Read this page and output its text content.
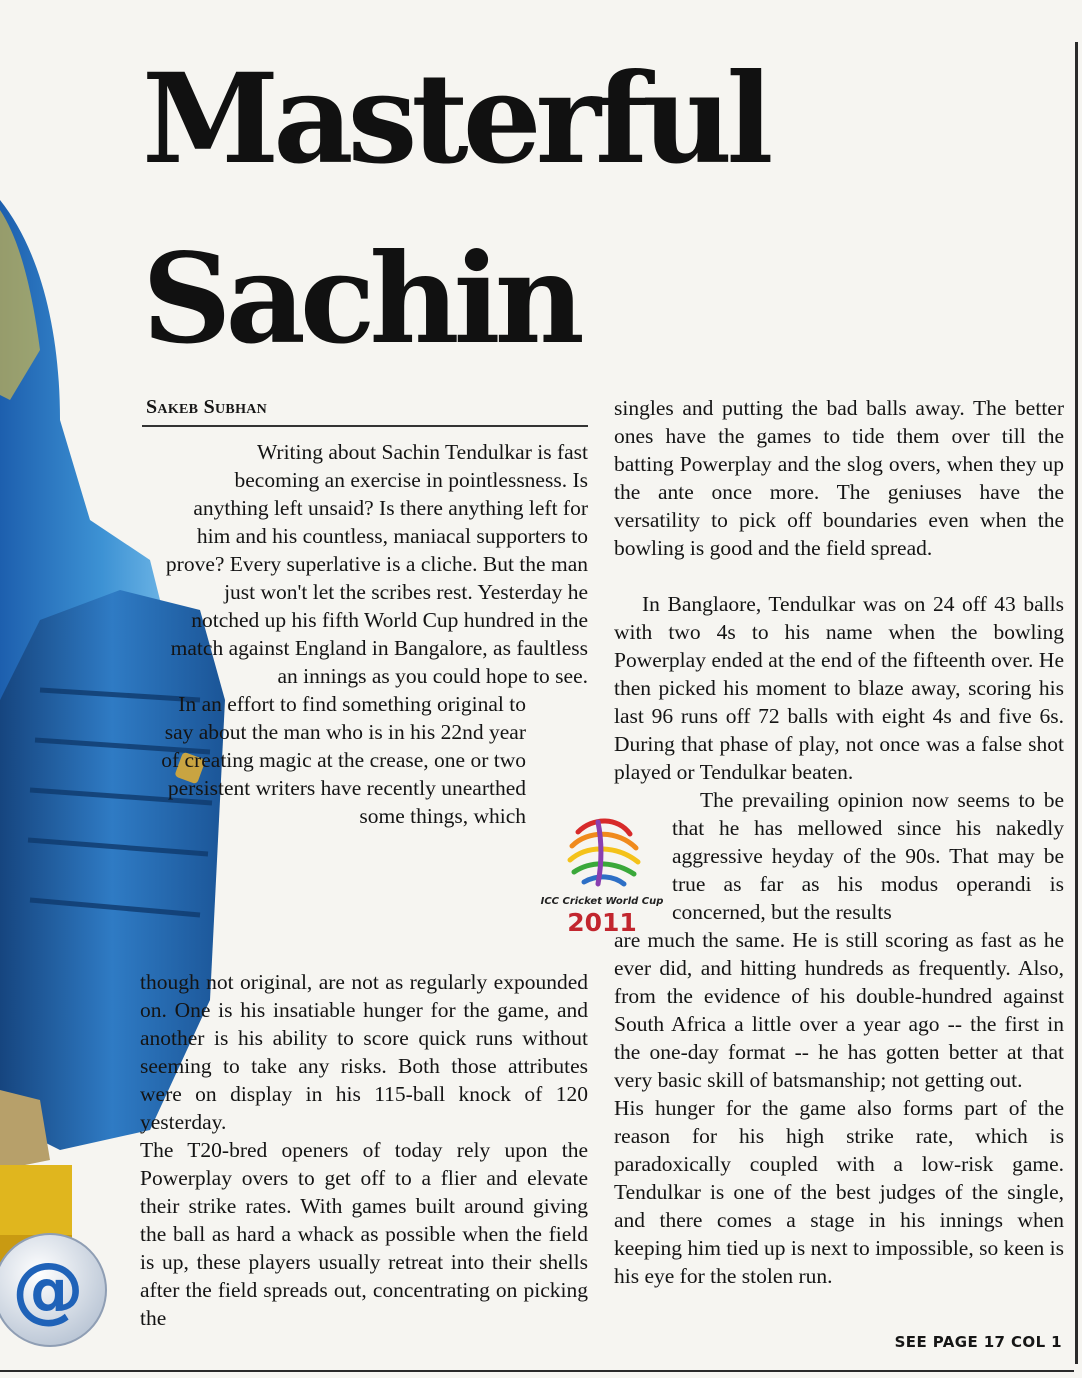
@
Masterful
Sachin
Sakeb Subhan

Writing about Sachin Tendulkar is fast becoming an exercise in pointlessness. Is anything left unsaid? Is there anything left for him and his countless, maniacal supporters to prove? Every superlative is a cliche. But the man just won't let the scribes rest. Yesterday he notched up his fifth World Cup hundred in the match against England in Bangalore, as faultless an innings as you could hope to see.

In an effort to find something original to say about the man who is in his 22nd year of creating magic at the crease, one or two persistent writers have recently unearthed some things, which

though not original, are not as regularly expounded on. One is his insatiable hunger for the game, and another is his ability to score quick runs without seeming to take any risks. Both those attributes were on display in his 115-ball knock of 120 yesterday.

The T20-bred openers of today rely upon the Powerplay overs to get off to a flier and elevate their strike rates. With games built around giving the ball as hard a whack as possible when the field is up, these players usually retreat into their shells after the field spreads out, concentrating on picking the

ICC Cricket World Cup
2011

singles and putting the bad balls away. The better ones have the games to tide them over till the batting Powerplay and the slog overs, when they up the ante once more. The geniuses have the versatility to pick off boundaries even when the bowling is good and the field spread.

In Banglaore, Tendulkar was on 24 off 43 balls with two 4s to his name when the bowling Powerplay ended at the end of the fifteenth over. He then picked his moment to blaze away, scoring his last 96 runs off 72 balls with eight 4s and five 6s. During that phase of play, not once was a false shot played or Tendulkar beaten.

The prevailing opinion now seems to be that he has mellowed since his nakedly aggressive heyday of the 90s. That may be true as far as his modus operandi is concerned, but the results

are much the same. He is still scoring as fast as he ever did, and hitting hundreds as frequently. Also, from the evidence of his double-hundred against South Africa a little over a year ago -- the first in the one-day format -- he has gotten better at that very basic skill of batsmanship; not getting out.

His hunger for the game also forms part of the reason for his high strike rate, which is paradoxically coupled with a low-risk game. Tendulkar is one of the best judges of the single, and there comes a stage in his innings when keeping him tied up is next to impossible, so keen is his eye for the stolen run.

SEE PAGE 17 COL 1
